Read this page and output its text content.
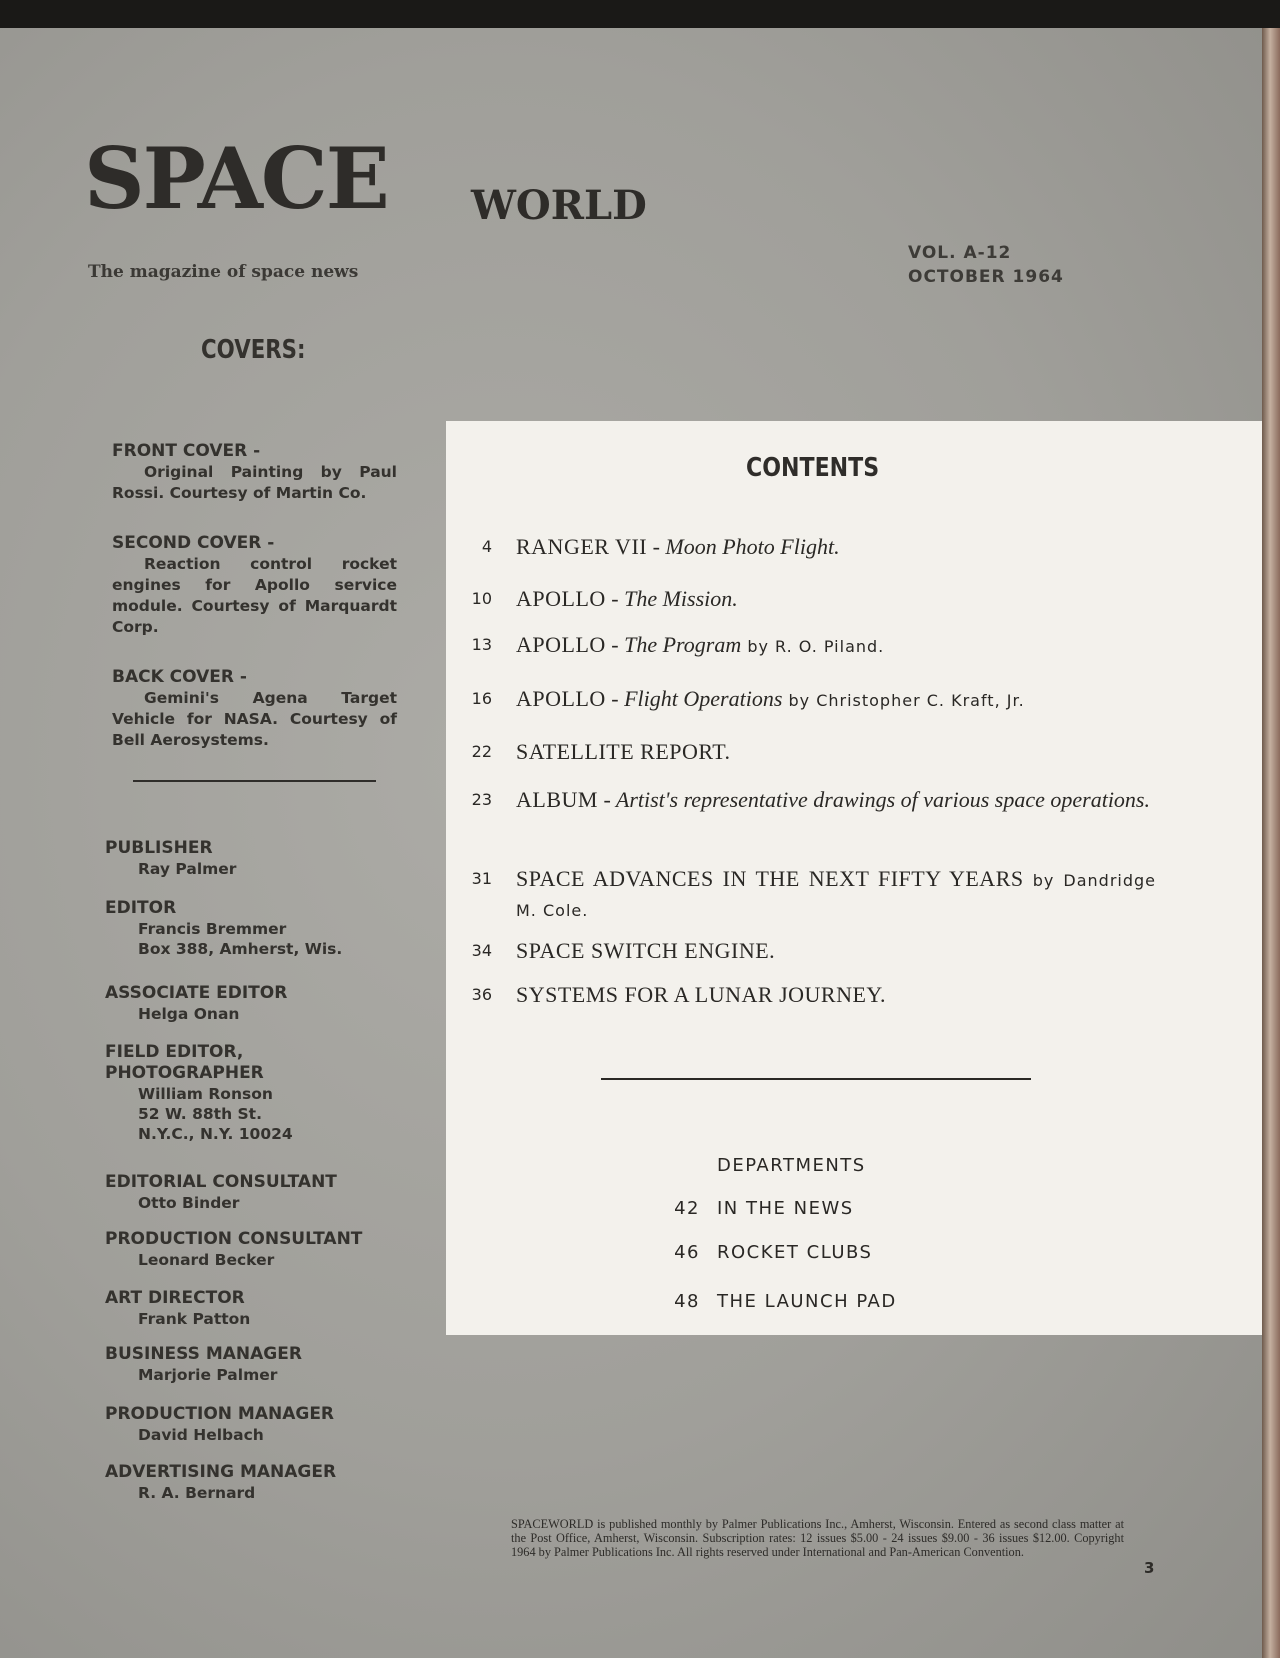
SPACE WORLD
The magazine of space news
VOL. A-12
OCTOBER 1964
COVERS:
FRONT COVER -
Original Painting by Paul Rossi. Courtesy of Martin Co.
SECOND COVER -
Reaction control rocket engines for Apollo service module. Courtesy of Marquardt Corp.
BACK COVER -
Gemini's Agena Target Vehicle for NASA. Courtesy of Bell Aerosystems.
PUBLISHER
Ray Palmer
EDITOR
Francis Bremmer
Box 388, Amherst, Wis.
ASSOCIATE EDITOR
Helga Onan
FIELD EDITOR,
PHOTOGRAPHER
William Ronson
52 W. 88th St.
N.Y.C., N.Y. 10024
EDITORIAL CONSULTANT
Otto Binder
PRODUCTION CONSULTANT
Leonard Becker
ART DIRECTOR
Frank Patton
BUSINESS MANAGER
Marjorie Palmer
PRODUCTION MANAGER
David Helbach
ADVERTISING MANAGER
R. A. Bernard
CONTENTS
4 RANGER VII - Moon Photo Flight.
10 APOLLO - The Mission.
13 APOLLO - The Program by R. O. Piland.
16 APOLLO - Flight Operations by Christopher C. Kraft, Jr.
22 SATELLITE REPORT.
23 ALBUM - Artist's representative drawings of various space operations.
31 SPACE ADVANCES IN THE NEXT FIFTY YEARS by Dandridge M. Cole.
34 SPACE SWITCH ENGINE.
36 SYSTEMS FOR A LUNAR JOURNEY.
DEPARTMENTS
42 IN THE NEWS
46 ROCKET CLUBS
48 THE LAUNCH PAD
SPACEWORLD is published monthly by Palmer Publications Inc., Amherst, Wisconsin. Entered as second class matter at the Post Office, Amherst, Wisconsin. Subscription rates: 12 issues $5.00 - 24 issues $9.00 - 36 issues $12.00. Copyright 1964 by Palmer Publications Inc. All rights reserved under International and Pan-American Convention.
3
